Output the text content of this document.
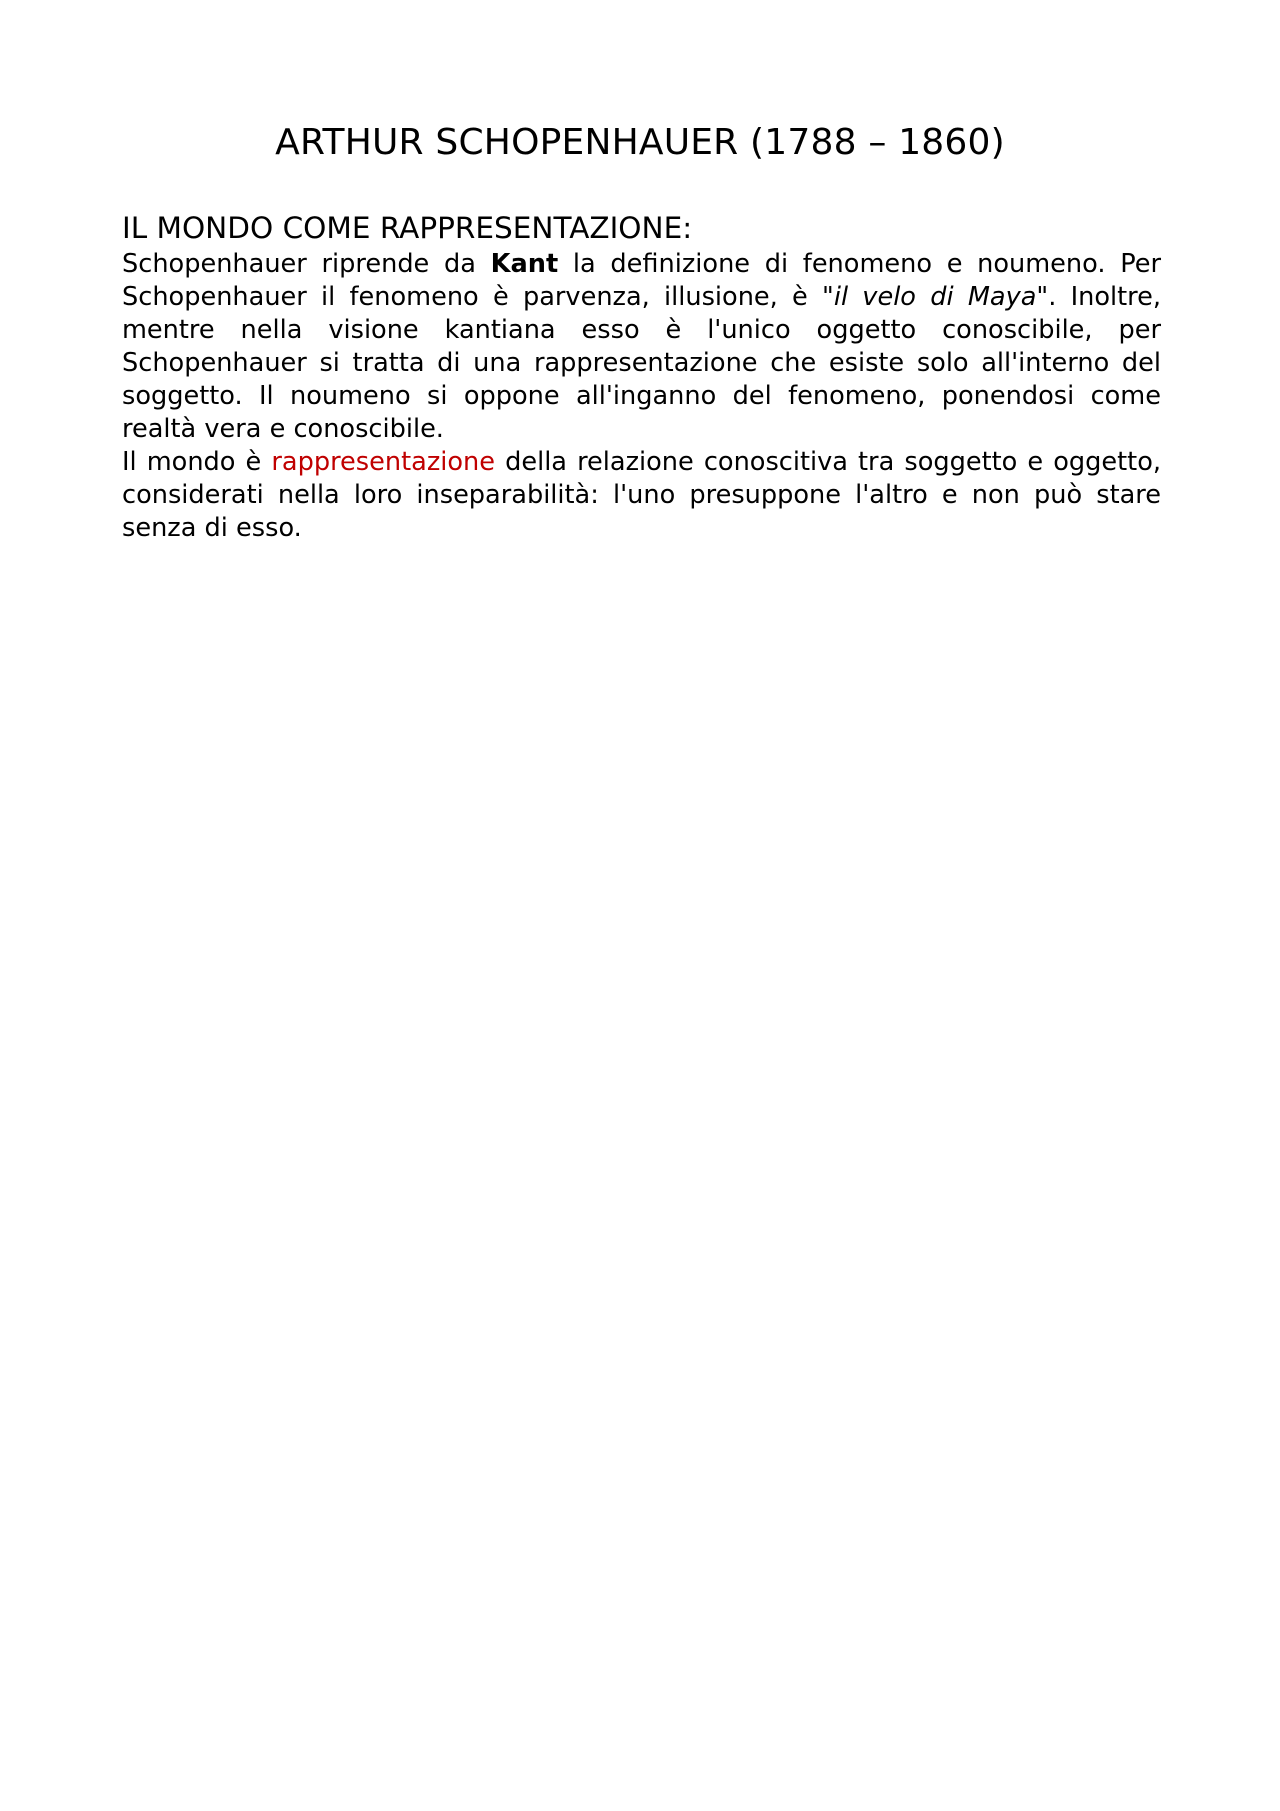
ARTHUR SCHOPENHAUER (1788 – 1860)
IL MONDO COME RAPPRESENTAZIONE:

Schopenhauer riprende da Kant la definizione di fenomeno e noumeno. Per Schopenhauer il fenomeno è parvenza, illusione, è "il velo di Maya". Inoltre, mentre nella visione kantiana esso è l'unico oggetto conoscibile, per Schopenhauer si tratta di una rappresentazione che esiste solo all'interno del soggetto. Il noumeno si oppone all'inganno del fenomeno, ponendosi come realtà vera e conoscibile.

Il mondo è rappresentazione della relazione conoscitiva tra soggetto e oggetto, considerati nella loro inseparabilità: l'uno presuppone l'altro e non può stare senza di esso.
